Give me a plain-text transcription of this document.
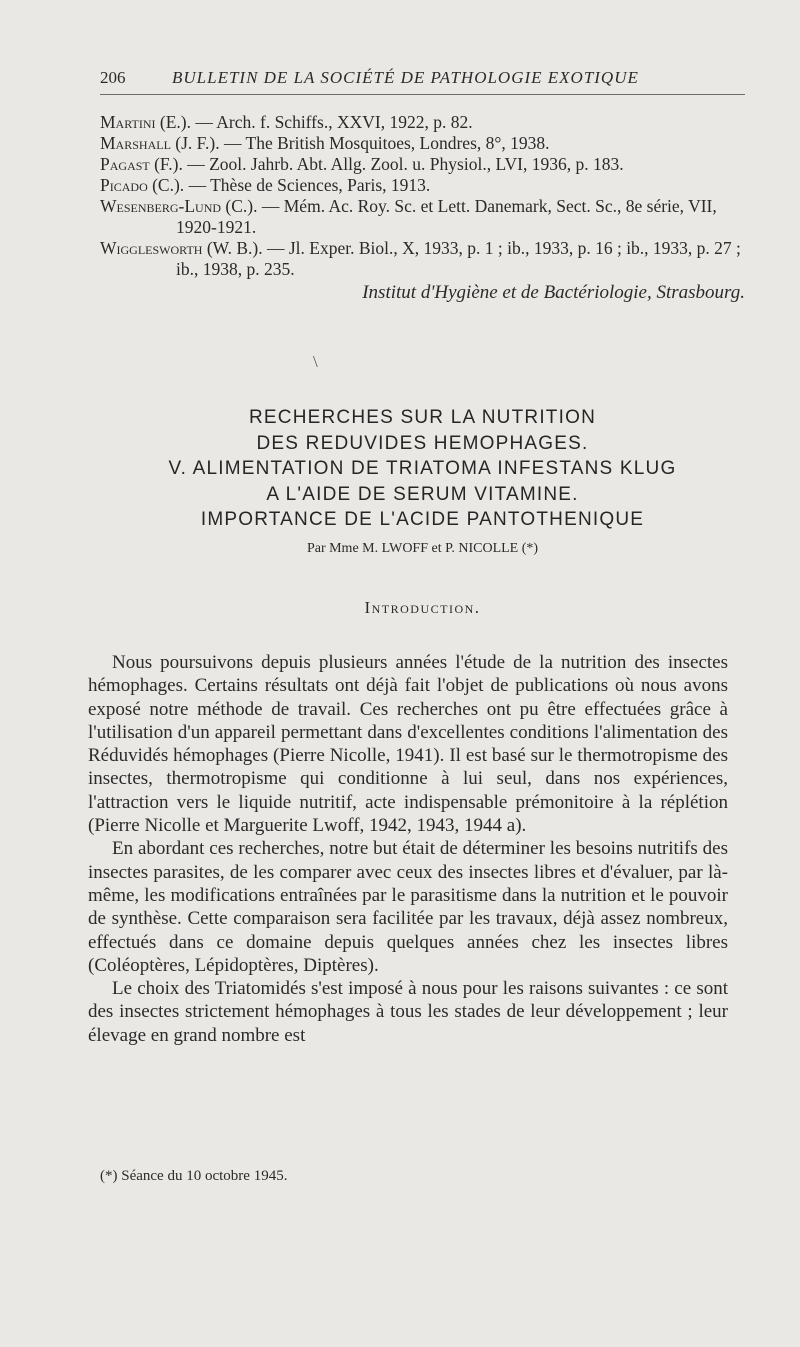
206	BULLETIN DE LA SOCIÉTÉ DE PATHOLOGIE EXOTIQUE

Martini (E.). — Arch. f. Schiffs., XXVI, 1922, p. 82.

Marshall (J. F.). — The British Mosquitoes, Londres, 8°, 1938.

Pagast (F.). — Zool. Jahrb. Abt. Allg. Zool. u. Physiol., LVI, 1936, p. 183.

Picado (C.). — Thèse de Sciences, Paris, 1913.

Wesenberg-Lund (C.). — Mém. Ac. Roy. Sc. et Lett. Danemark, Sect. Sc., 8e série, VII, 1920-1921.

Wigglesworth (W. B.). — Jl. Exper. Biol., X, 1933, p. 1 ; ib., 1933, p. 16 ; ib., 1933, p. 27 ; ib., 1938, p. 235.

Institut d'Hygiène et de Bactériologie, Strasbourg.
\
RECHERCHES SUR LA NUTRITION
DES REDUVIDES HEMOPHAGES.
V. ALIMENTATION DE TRIATOMA INFESTANS KLUG
A L'AIDE DE SERUM VITAMINE.
IMPORTANCE DE L'ACIDE PANTOTHENIQUE
Par Mme M. LWOFF et P. NICOLLE (*)
Introduction.

Nous poursuivons depuis plusieurs années l'étude de la nutrition des insectes hémophages. Certains résultats ont déjà fait l'objet de publications où nous avons exposé notre méthode de travail. Ces recherches ont pu être effectuées grâce à l'utilisation d'un appareil permettant dans d'excellentes conditions l'alimentation des Réduvidés hémophages (Pierre Nicolle, 1941). Il est basé sur le thermotropisme des insectes, thermotropisme qui conditionne à lui seul, dans nos expériences, l'attraction vers le liquide nutritif, acte indispensable prémonitoire à la réplétion (Pierre Nicolle et Marguerite Lwoff, 1942, 1943, 1944 a).

En abordant ces recherches, notre but était de déterminer les besoins nutritifs des insectes parasites, de les comparer avec ceux des insectes libres et d'évaluer, par là-même, les modifications entraînées par le parasitisme dans la nutrition et le pouvoir de synthèse. Cette comparaison sera facilitée par les travaux, déjà assez nombreux, effectués dans ce domaine depuis quelques années chez les insectes libres (Coléoptères, Lépidoptères, Diptères).

Le choix des Triatomidés s'est imposé à nous pour les raisons suivantes : ce sont des insectes strictement hémophages à tous les stades de leur développement ; leur élevage en grand nombre est

(*) Séance du 10 octobre 1945.
